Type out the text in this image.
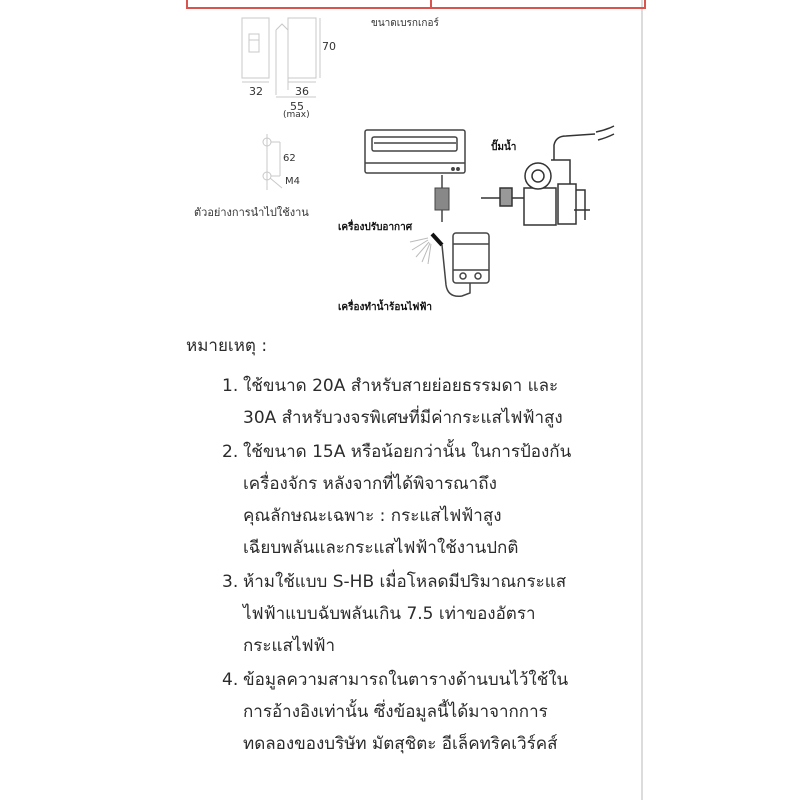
ขนาดเบรกเกอร์
70
32	36
55
(max)
62
M4
ตัวอย่างการนำไปใช้งาน
ปั๊มน้ำ
เครื่องปรับอากาศ
เครื่องทำน้ำร้อนไฟฟ้า
หมายเหตุ :
1. ใช้ขนาด 20A สำหรับสายย่อยธรรมดา และ
30A สำหรับวงจรพิเศษที่มีค่ากระแสไฟฟ้าสูง
2. ใช้ขนาด 15A หรือน้อยกว่านั้น ในการป้องกัน
เครื่องจักร หลังจากที่ได้พิจารณาถึง
คุณลักษณะเฉพาะ : กระแสไฟฟ้าสูง
เฉียบพลันและกระแสไฟฟ้าใช้งานปกติ
3. ห้ามใช้แบบ S-HB เมื่อโหลดมีปริมาณกระแส
ไฟฟ้าแบบฉับพลันเกิน 7.5 เท่าของอัตรา
กระแสไฟฟ้า
4. ข้อมูลความสามารถในตารางด้านบนไว้ใช้ใน
การอ้างอิงเท่านั้น ซึ่งข้อมูลนี้ได้มาจากการ
ทดลองของบริษัท มัตสุชิตะ อีเล็คทริคเวิร์คส์
